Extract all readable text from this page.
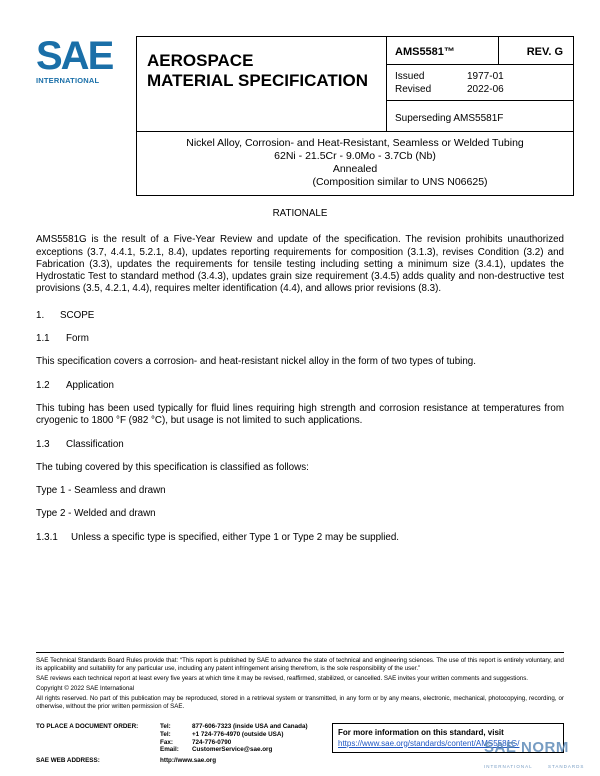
SAE
INTERNATIONAL
AEROSPACE
MATERIAL SPECIFICATION
AMS5581™	REV. G
Issued	1977-01
Revised	2022-06
Superseding AMS5581F
Nickel Alloy, Corrosion- and Heat-Resistant, Seamless or Welded Tubing
62Ni - 21.5Cr - 9.0Mo - 3.7Cb (Nb)
Annealed
(Composition similar to UNS N06625)

RATIONALE

AMS5581G is the result of a Five-Year Review and update of the specification. The revision prohibits unauthorized exceptions (3.7, 4.4.1, 5.2.1, 8.4), updates reporting requirements for composition (3.1.3), revises Condition (3.2) and Fabrication (3.3), updates the requirements for tensile testing including setting a minimum size (3.4.1), updates the Hydrostatic Test to standard method (3.4.3), updates grain size requirement (3.4.5) adds quality and non-destructive test provisions (3.5, 4.2.1, 4.4), requires melter identification (4.4), and allows prior revisions (8.3).

1.	SCOPE
1.1	Form

This specification covers a corrosion- and heat-resistant nickel alloy in the form of two types of tubing.

1.2	Application

This tubing has been used typically for fluid lines requiring high strength and corrosion resistance at temperatures from cryogenic to 1800 °F (982 °C), but usage is not limited to such applications.

1.3	Classification

The tubing covered by this specification is classified as follows:

Type 1 - Seamless and drawn

Type 2 - Welded and drawn

1.3.1	Unless a specific type is specified, either Type 1 or Type 2 may be supplied.

SAE Technical Standards Board Rules provide that: “This report is published by SAE to advance the state of technical and engineering sciences. The use of this report is entirely voluntary, and its applicability and suitability for any particular use, including any patent infringement arising therefrom, is the sole responsibility of the user.”

SAE reviews each technical report at least every five years at which time it may be revised, reaffirmed, stabilized, or cancelled. SAE invites your written comments and suggestions.

Copyright © 2022 SAE International

All rights reserved. No part of this publication may be reproduced, stored in a retrieval system or transmitted, in any form or by any means, electronic, mechanical, photocopying, recording, or otherwise, without the prior written permission of SAE.

TO PLACE A DOCUMENT ORDER:	Tel:	877-606-7323 (inside USA and Canada)
Tel:	+1 724-776-4970 (outside USA)
Fax:	724-776-0790
Email:	CustomerService@sae.org
SAE WEB ADDRESS:	http://www.sae.org
For more information on this standard, visit
https://www.sae.org/standards/content/AMS5581G/
SAE NORM
INTERNATIONAL	STANDARDS
